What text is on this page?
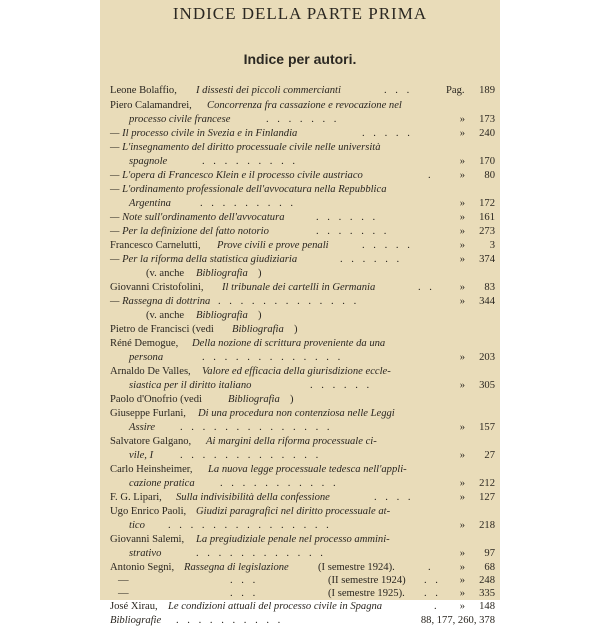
INDICE DELLA PARTE PRIMA
Indice per autori.
Leone Bolaffio, I dissesti dei piccoli commercianti	. . .	Pag. 189
Piero Calamandrei, Concorrenza fra cassazione e revocazione nel
processo civile francese	. . . . . . .	» 173
— Il processo civile in Svezia e in Finlandia	. . . . .	» 240
— L'insegnamento del diritto processuale civile nelle università
spagnole	. . . . . . . . .	» 170
— L'opera di Francesco Klein e il processo civile austriaco	. » 80
— L'ordinamento professionale dell'avvocatura nella Repubblica
Argentina	. . . . . . . . .	» 172
— Note sull'ordinamento dell'avvocatura	. . . . . .	» 161
— Per la definizione del fatto notorio	. . . . . . .	» 273
Francesco Carnelutti, Prove civili e prove penali	. . . . .	» 3
— Per la riforma della statistica giudiziaria	. . . . . .	» 374
(v. anche Bibliografia )
Giovanni Cristofolini, Il tribunale dei cartelli in Germania	. . » 83
— Rassegna di dottrina . . . . . . . . . . . . .	» 344
(v. anche Bibliografia )
Pietro de Francisci (vedi Bibliografia )
Réné Demogue, Della nozione di scrittura proveniente da una
persona	. . . . . . . . . . . . .	» 203
Arnaldo De Valles, Valore ed efficacia della giurisdizione eccle-
siastica per il diritto italiano	. . . . . .	» 305
Paolo d'Onofrio (vedi Bibliografia )
Giuseppe Furlani, Di una procedura non contenziosa nelle Leggi
Assire . . . . . . . . . . . . . .	» 157
Salvatore Galgano, Ai margini della riforma processuale ci-
vile, I	. . . . . . . . . . . . .	» 27
Carlo Heinsheimer, La nuova legge processuale tedesca nell'appli-
cazione pratica . . . . . . . . . . .	» 212
F. G. Lipari, Sulla indivisibilità della confessione	. . . .	» 127
Ugo Enrico Paoli, Giudizi paragrafici nel diritto processuale at-
tico . . . . . . . . . . . . . . .	» 218
Giovanni Salemi, La pregiudiziale penale nel processo ammini-
strativo	. . . . . . . . . . . .	» 97
Antonio Segni, Rassegna di legislazione	(I semestre 1924).	. » 68
—	. . .	(II semestre 1924) . . » 248
—	. . .	(I semestre 1925). . . » 335
José Xirau, Le condizioni attuali del processo civile in Spagna	. » 148
Bibliografie . . . . . . . . . .	88, 177, 260, 378
